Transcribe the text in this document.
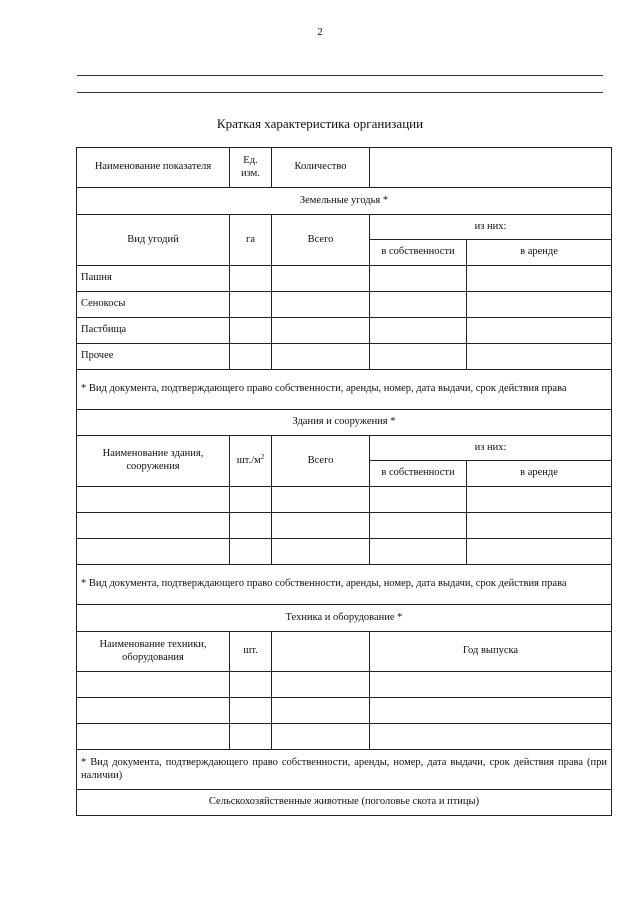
2
Краткая характеристика организации
Наименование показателя	Ед. изм.	Количество		
Земельные угодья *				
Вид угодий	га	Всего	из них:	
			в собственности	в аренде
Пашня				
Сенокосы				
Пастбища				
Прочее				
* Вид документа, подтверждающего право собственности, аренды, номер, дата выдачи, срок действия права				
Здания и сооружения *				
Наименование здания, сооружения	$шт./м^2$	Всего	из них:	
			в собственности	в аренде

* Вид документа, подтверждающего право собственности, аренды, номер, дата выдачи, срок действия права				
Техника и оборудование *				
Наименование техники, оборудования	шт.		Год выпуска	

* Вид документа, подтверждающего право собственности, аренды, номер, дата выдачи, срок действия права (при наличии)				
Сельскохозяйственные животные (поголовье скота и птицы)				
